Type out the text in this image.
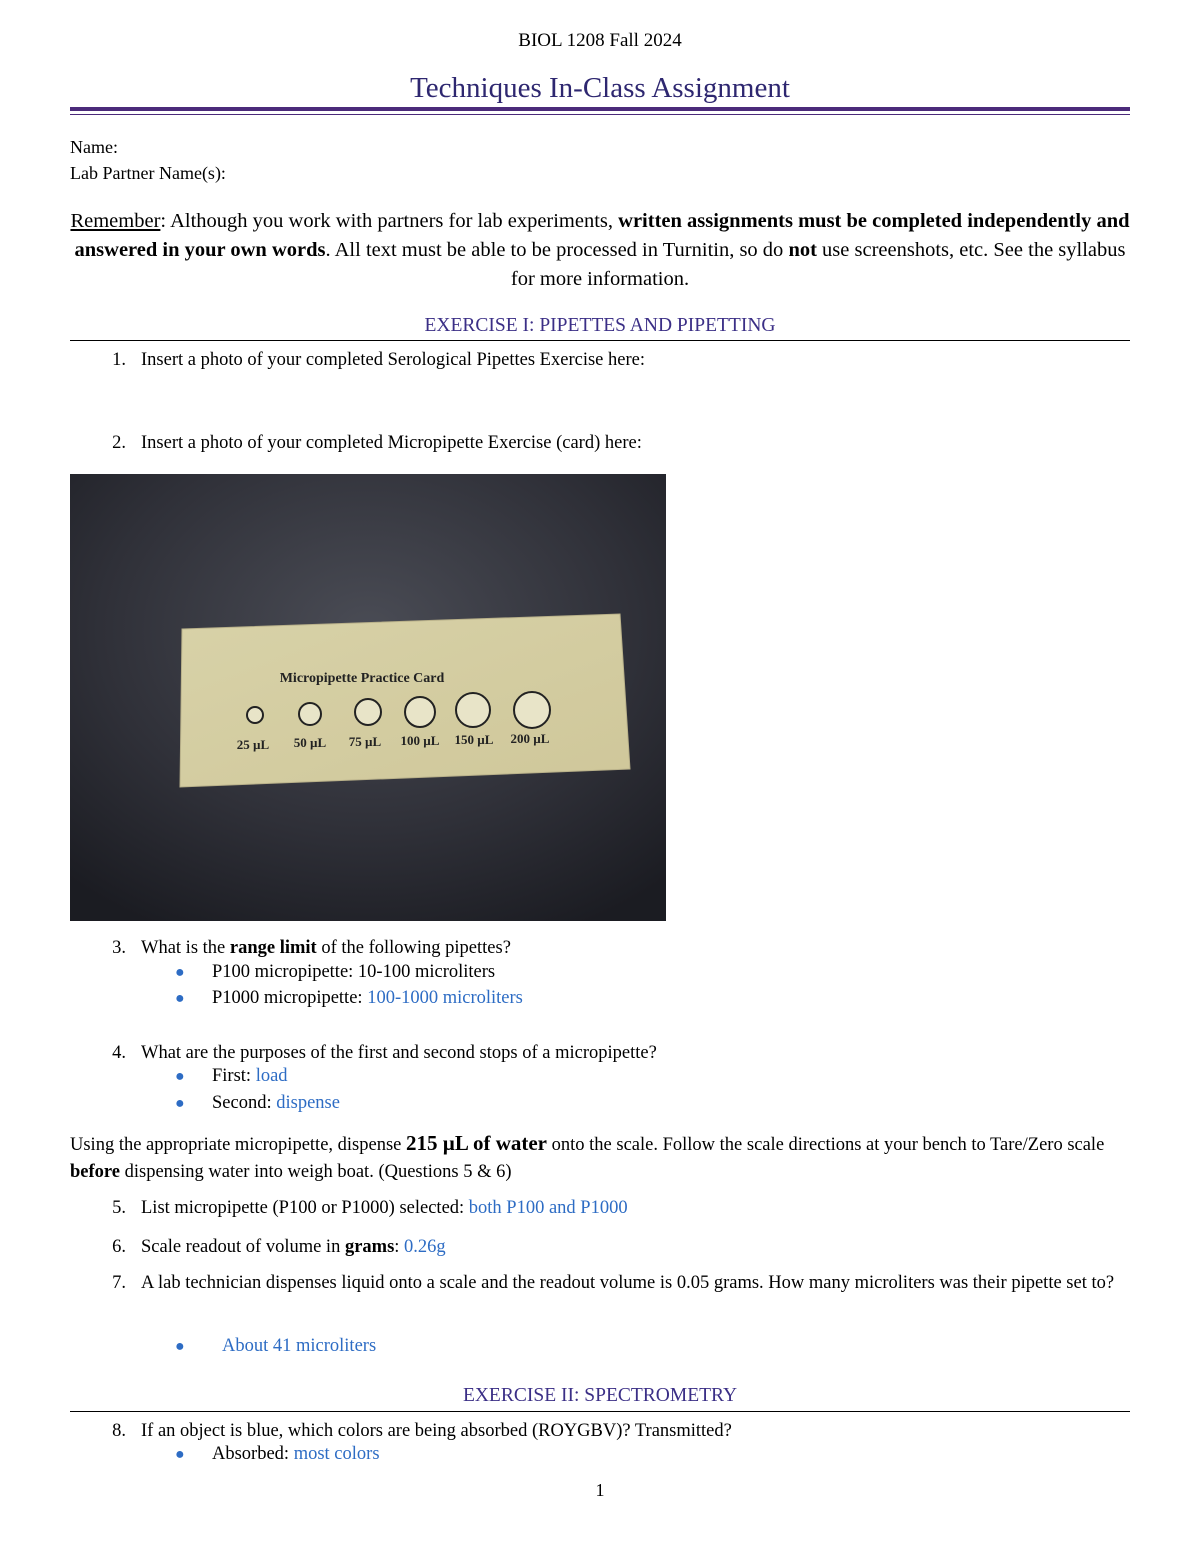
BIOL 1208 Fall 2024
Techniques In-Class Assignment
Name:
Lab Partner Name(s):
Remember: Although you work with partners for lab experiments, written assignments must be completed independently and answered in your own words. All text must be able to be processed in Turnitin, so do not use screenshots, etc. See the syllabus for more information.
EXERCISE I: PIPETTES AND PIPETTING
1. Insert a photo of your completed Serological Pipettes Exercise here:
2. Insert a photo of your completed Micropipette Exercise (card) here:
Micropipette Practice Card
25 µL 50 µL 75 µL 100 µL 150 µL 200 µL
3. What is the range limit of the following pipettes?
● P100 micropipette: 10-100 microliters
● P1000 micropipette: 100-1000 microliters
4. What are the purposes of the first and second stops of a micropipette?
● First: load
● Second: dispense
Using the appropriate micropipette, dispense 215 µL of water onto the scale. Follow the scale directions at your bench to Tare/Zero scale before dispensing water into weigh boat. (Questions 5 & 6)
5. List micropipette (P100 or P1000) selected: both P100 and P1000
6. Scale readout of volume in grams: 0.26g
7. A lab technician dispenses liquid onto a scale and the readout volume is 0.05 grams. How many microliters was their pipette set to?
● About 41 microliters
EXERCISE II: SPECTROMETRY
8. If an object is blue, which colors are being absorbed (ROYGBV)? Transmitted?
● Absorbed: most colors
1
